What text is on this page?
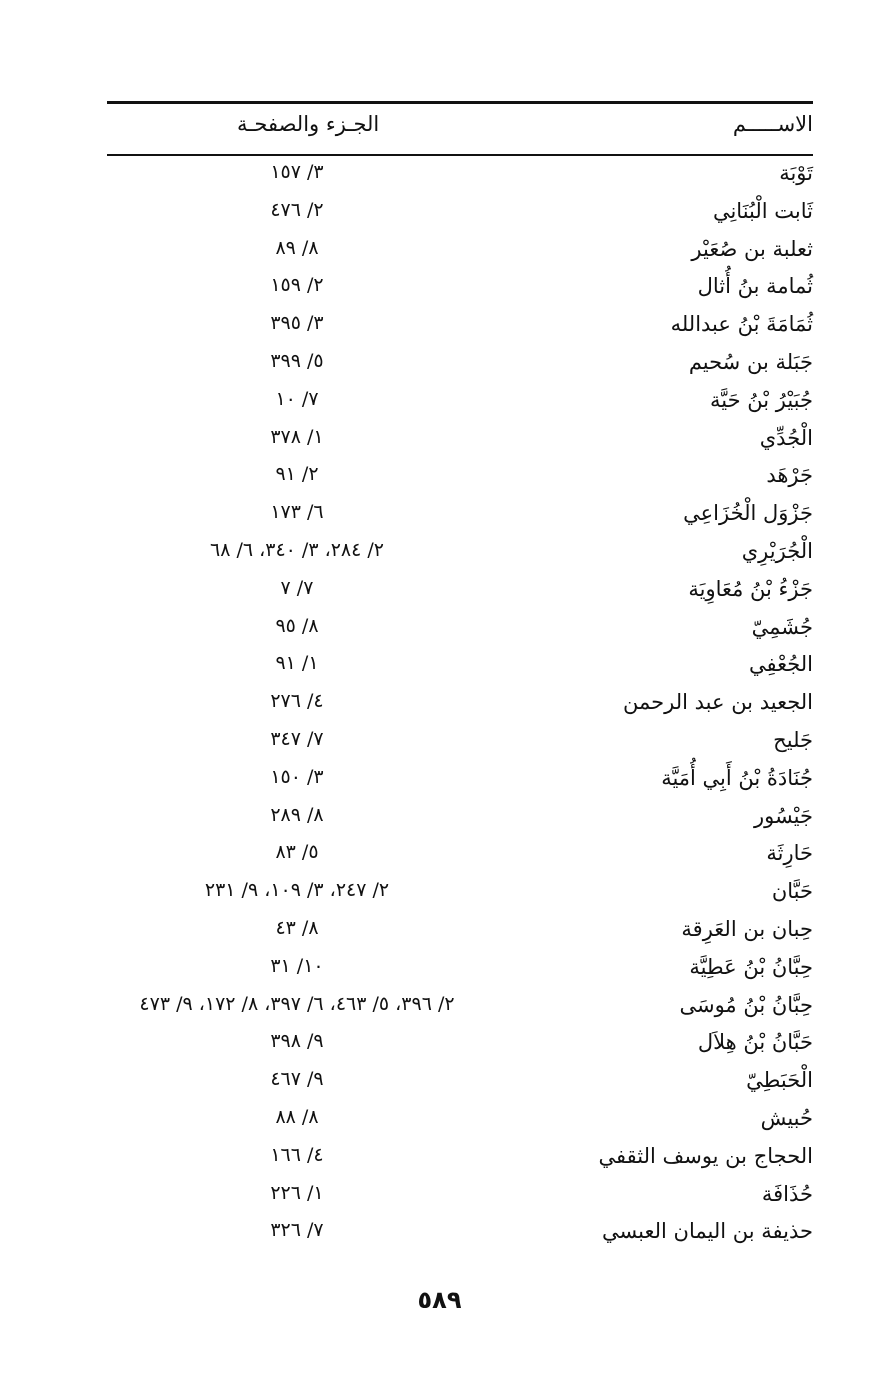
الاســـــم
الجـزء والصفحـة
تَوْبَة
٣/ ١٥٧
ثَابت الْبُنَانِي
٢/ ٤٧٦
ثعلبة بن صُعَيْر
٨/ ٨٩
ثُمامة بنُ أُثال
٢/ ١٥٩
ثُمَامَةَ بْنُ عبدالله
٣/ ٣٩٥
جَبَلة بن سُحيم
٥/ ٣٩٩
جُبَيْرُ بْنُ حَيَّة
٧/ ١٠
الْجُدِّي
١/ ٣٧٨
جَرْهَد
٢/ ٩١
جَزْوَل الْخُزَاعِي
٦/ ١٧٣
الْجُرَيْرِي
٢/ ٢٨٤، ٣/ ٣٤٠، ٦/ ٦٨
جَزْءُ بْنُ مُعَاوِيَة
٧/ ٧
جُشَمِيّ
٨/ ٩٥
الجُعْفِي
١/ ٩١
الجعيد بن عبد الرحمن
٤/ ٢٧٦
جَليح
٧/ ٣٤٧
جُنَادَةُ بْنُ أَبِي أُمَيَّة
٣/ ١٥٠
جَيْسُور
٨/ ٢٨٩
حَارِثَة
٥/ ٨٣
حَبَّان
٢/ ٢٤٧، ٣/ ١٠٩، ٩/ ٢٣١
حِبان بن العَرِقة
٨/ ٤٣
حِبَّانُ بْنُ عَطِيَّة
١٠/ ٣١
حِبَّانُ بْنُ مُوسَى
٢/ ٣٩٦، ٥/ ٤٦٣، ٦/ ٣٩٧، ٨/ ١٧٢، ٩/ ٤٧٣
حَبَّانُ بْنُ هِلاَل
٩/ ٣٩٨
الْحَبَطِيّ
٩/ ٤٦٧
حُبيش
٨/ ٨٨
الحجاج بن يوسف الثقفي
٤/ ١٦٦
حُذَافَة
١/ ٢٢٦
حذيفة بن اليمان العبسي
٧/ ٣٢٦
٥٨٩
